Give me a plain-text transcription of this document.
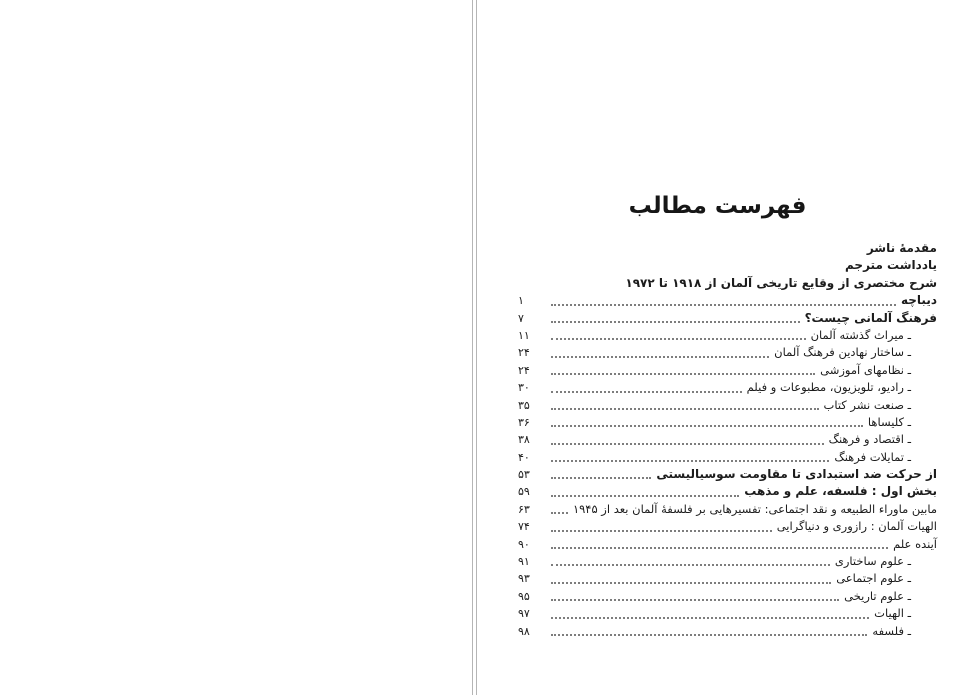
فهرست مطالب
مقدمهٔ ناشر
یادداشت مترجم
شرح مختصری از وقایع تاریخی آلمان از ۱۹۱۸ تا ۱۹۷۲
دیباچه
۱
فرهنگ آلمانی چیست؟
۷
ـ میراث گذشته آلمان
۱۱
ـ ساختار نهادین فرهنگ آلمان
۲۴
ـ نظامهای آموزشی
۲۴
ـ رادیو، تلویزیون، مطبوعات و فیلم
۳۰
ـ صنعت نشر کتاب
۳۵
ـ کلیساها
۳۶
ـ اقتصاد و فرهنگ
۳۸
ـ تمایلات فرهنگ
۴۰
از حرکت ضد استبدادی تا مقاومت سوسیالیستی
۵۳
بخش اول : فلسفه، علم و مذهب
۵۹
مابین ماوراء الطبیعه و نقد اجتماعی: تفسیرهایی بر فلسفهٔ آلمان بعد از ۱۹۴۵
۶۳
الهیات آلمان : رازوری و دنیاگرایی
۷۴
آینده علم
۹۰
ـ علوم ساختاری
۹۱
ـ علوم اجتماعی
۹۳
ـ علوم تاریخی
۹۵
ـ الهیات
۹۷
ـ فلسفه
۹۸
